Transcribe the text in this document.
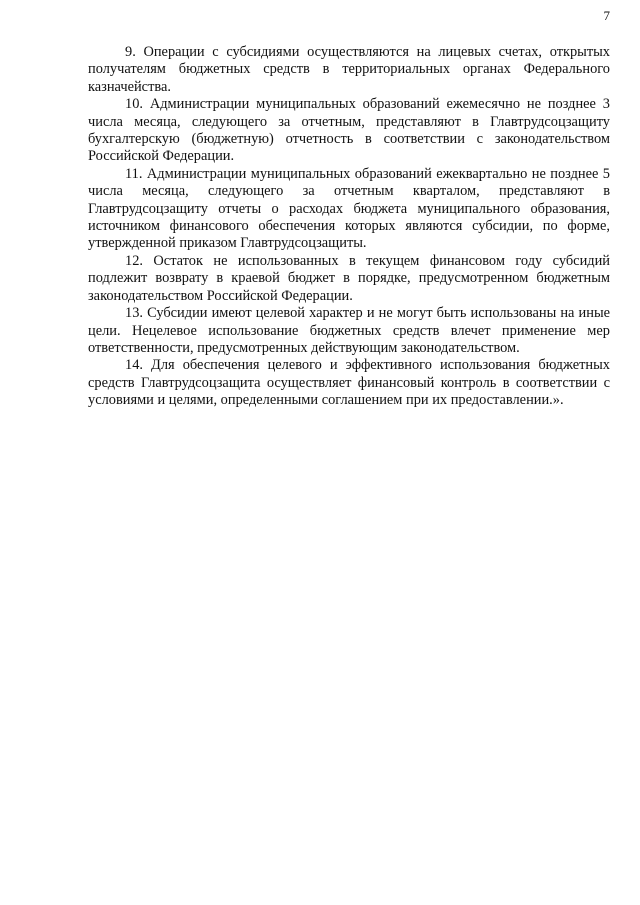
7

9. Операции с субсидиями осуществляются на лицевых счетах, открытых получателям бюджетных средств в территориальных органах Федерального казначейства.

10. Администрации муниципальных образований ежемесячно не позднее 3 числа месяца, следующего за отчетным, представляют в Главтрудсоцзащиту бухгалтерскую (бюджетную) отчетность в соответствии с законодательством Российской Федерации.

11. Администрации муниципальных образований ежеквартально не позднее 5 числа месяца, следующего за отчетным кварталом, представляют в Главтрудсоцзащиту отчеты о расходах бюджета муниципального образования, источником финансового обеспечения которых являются субсидии, по форме, утвержденной приказом Главтрудсоцзащиты.

12. Остаток не использованных в текущем финансовом году субсидий подлежит возврату в краевой бюджет в порядке, предусмотренном бюджетным законодательством Российской Федерации.

13. Субсидии имеют целевой характер и не могут быть использованы на иные цели. Нецелевое использование бюджетных средств влечет применение мер ответственности, предусмотренных действующим законодательством.

14. Для обеспечения целевого и эффективного использования бюджетных средств Главтрудсоцзащита осуществляет финансовый контроль в соответствии с условиями и целями, определенными соглашением при их предоставлении.».
